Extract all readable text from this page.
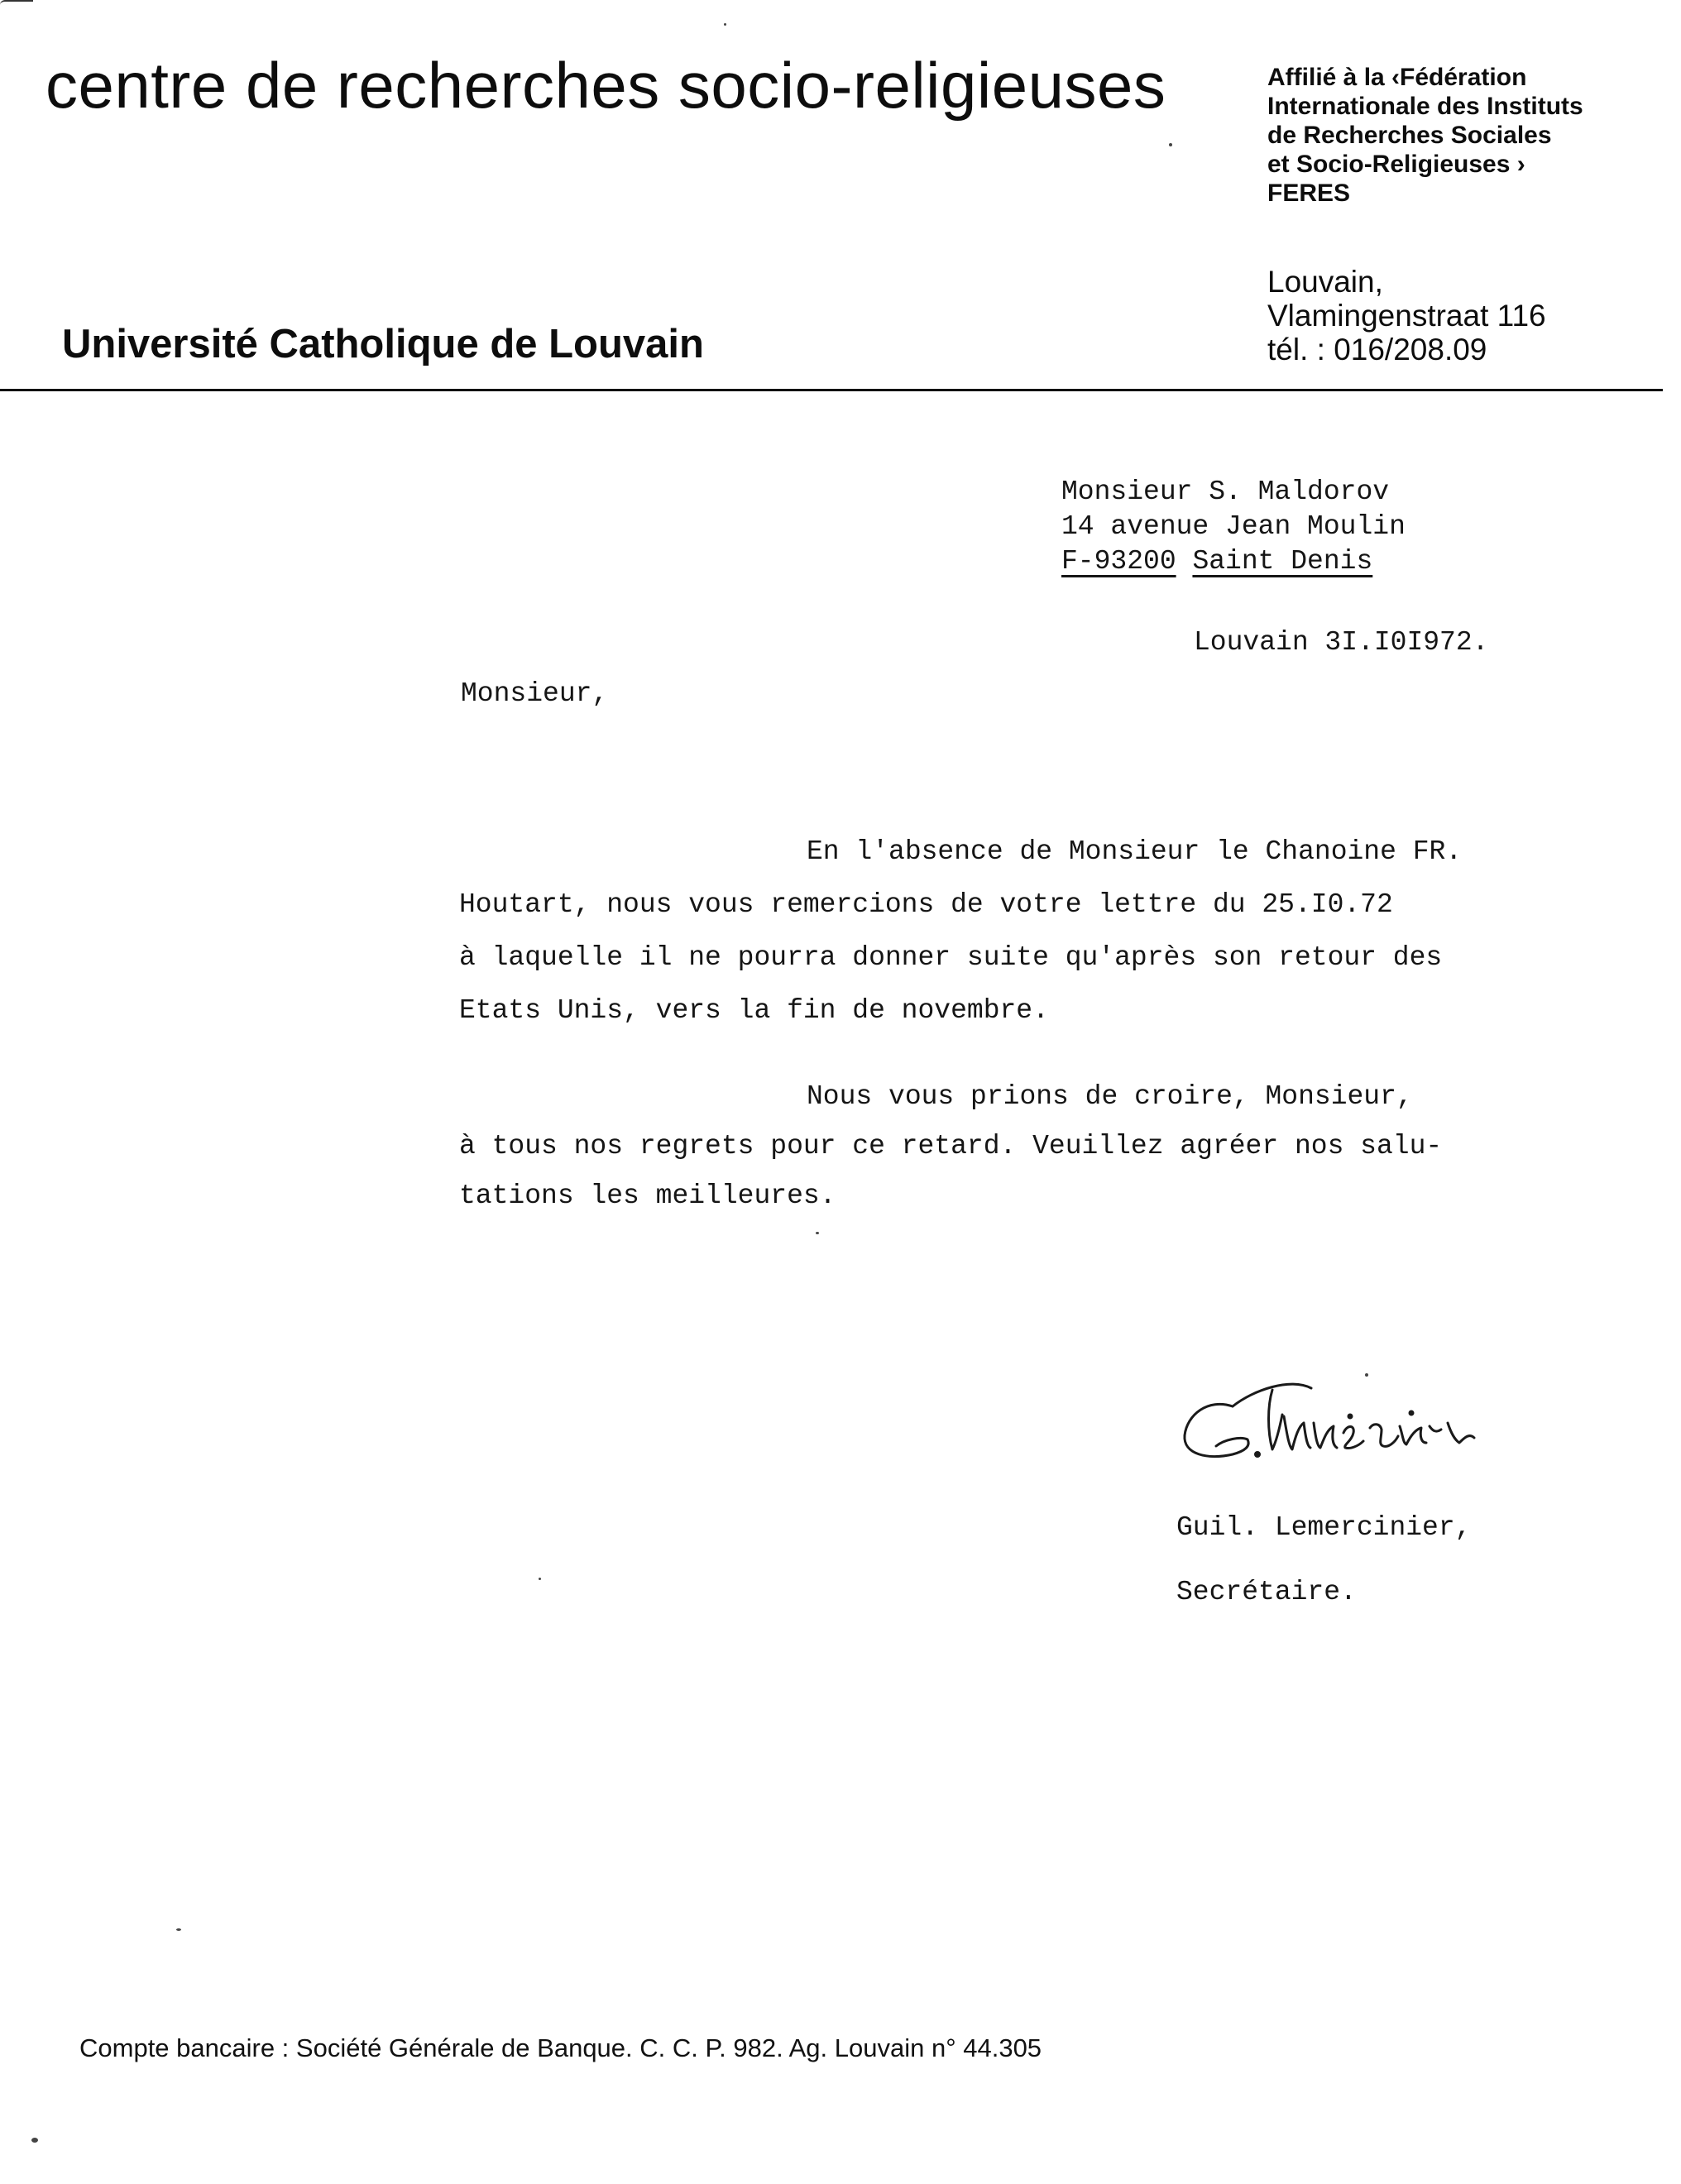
centre de recherches socio-religieuses	Affilié à la ‹Fédération
Internationale des Instituts
de Recherches Sociales
et Socio-Religieuses ›
FERES
Louvain,
Vlamingenstraat 116
tél. : 016/208.09
Université Catholique de Louvain
Monsieur S. Maldorov
14 avenue Jean Moulin
F-93200 Saint Denis
Louvain 3I.I0I972.
Monsieur,
En l'absence de Monsieur le Chanoine FR.
Houtart, nous vous remercions de votre lettre du 25.I0.72
à laquelle il ne pourra donner suite qu'après son retour des
Etats Unis, vers la fin de novembre.
Nous vous prions de croire, Monsieur,
à tous nos regrets pour ce retard. Veuillez agréer nos salu-
tations les meilleures.
Guil. Lemercinier,
Secrétaire.
Compte bancaire : Société Générale de Banque. C. C. P. 982. Ag. Louvain n° 44.305
